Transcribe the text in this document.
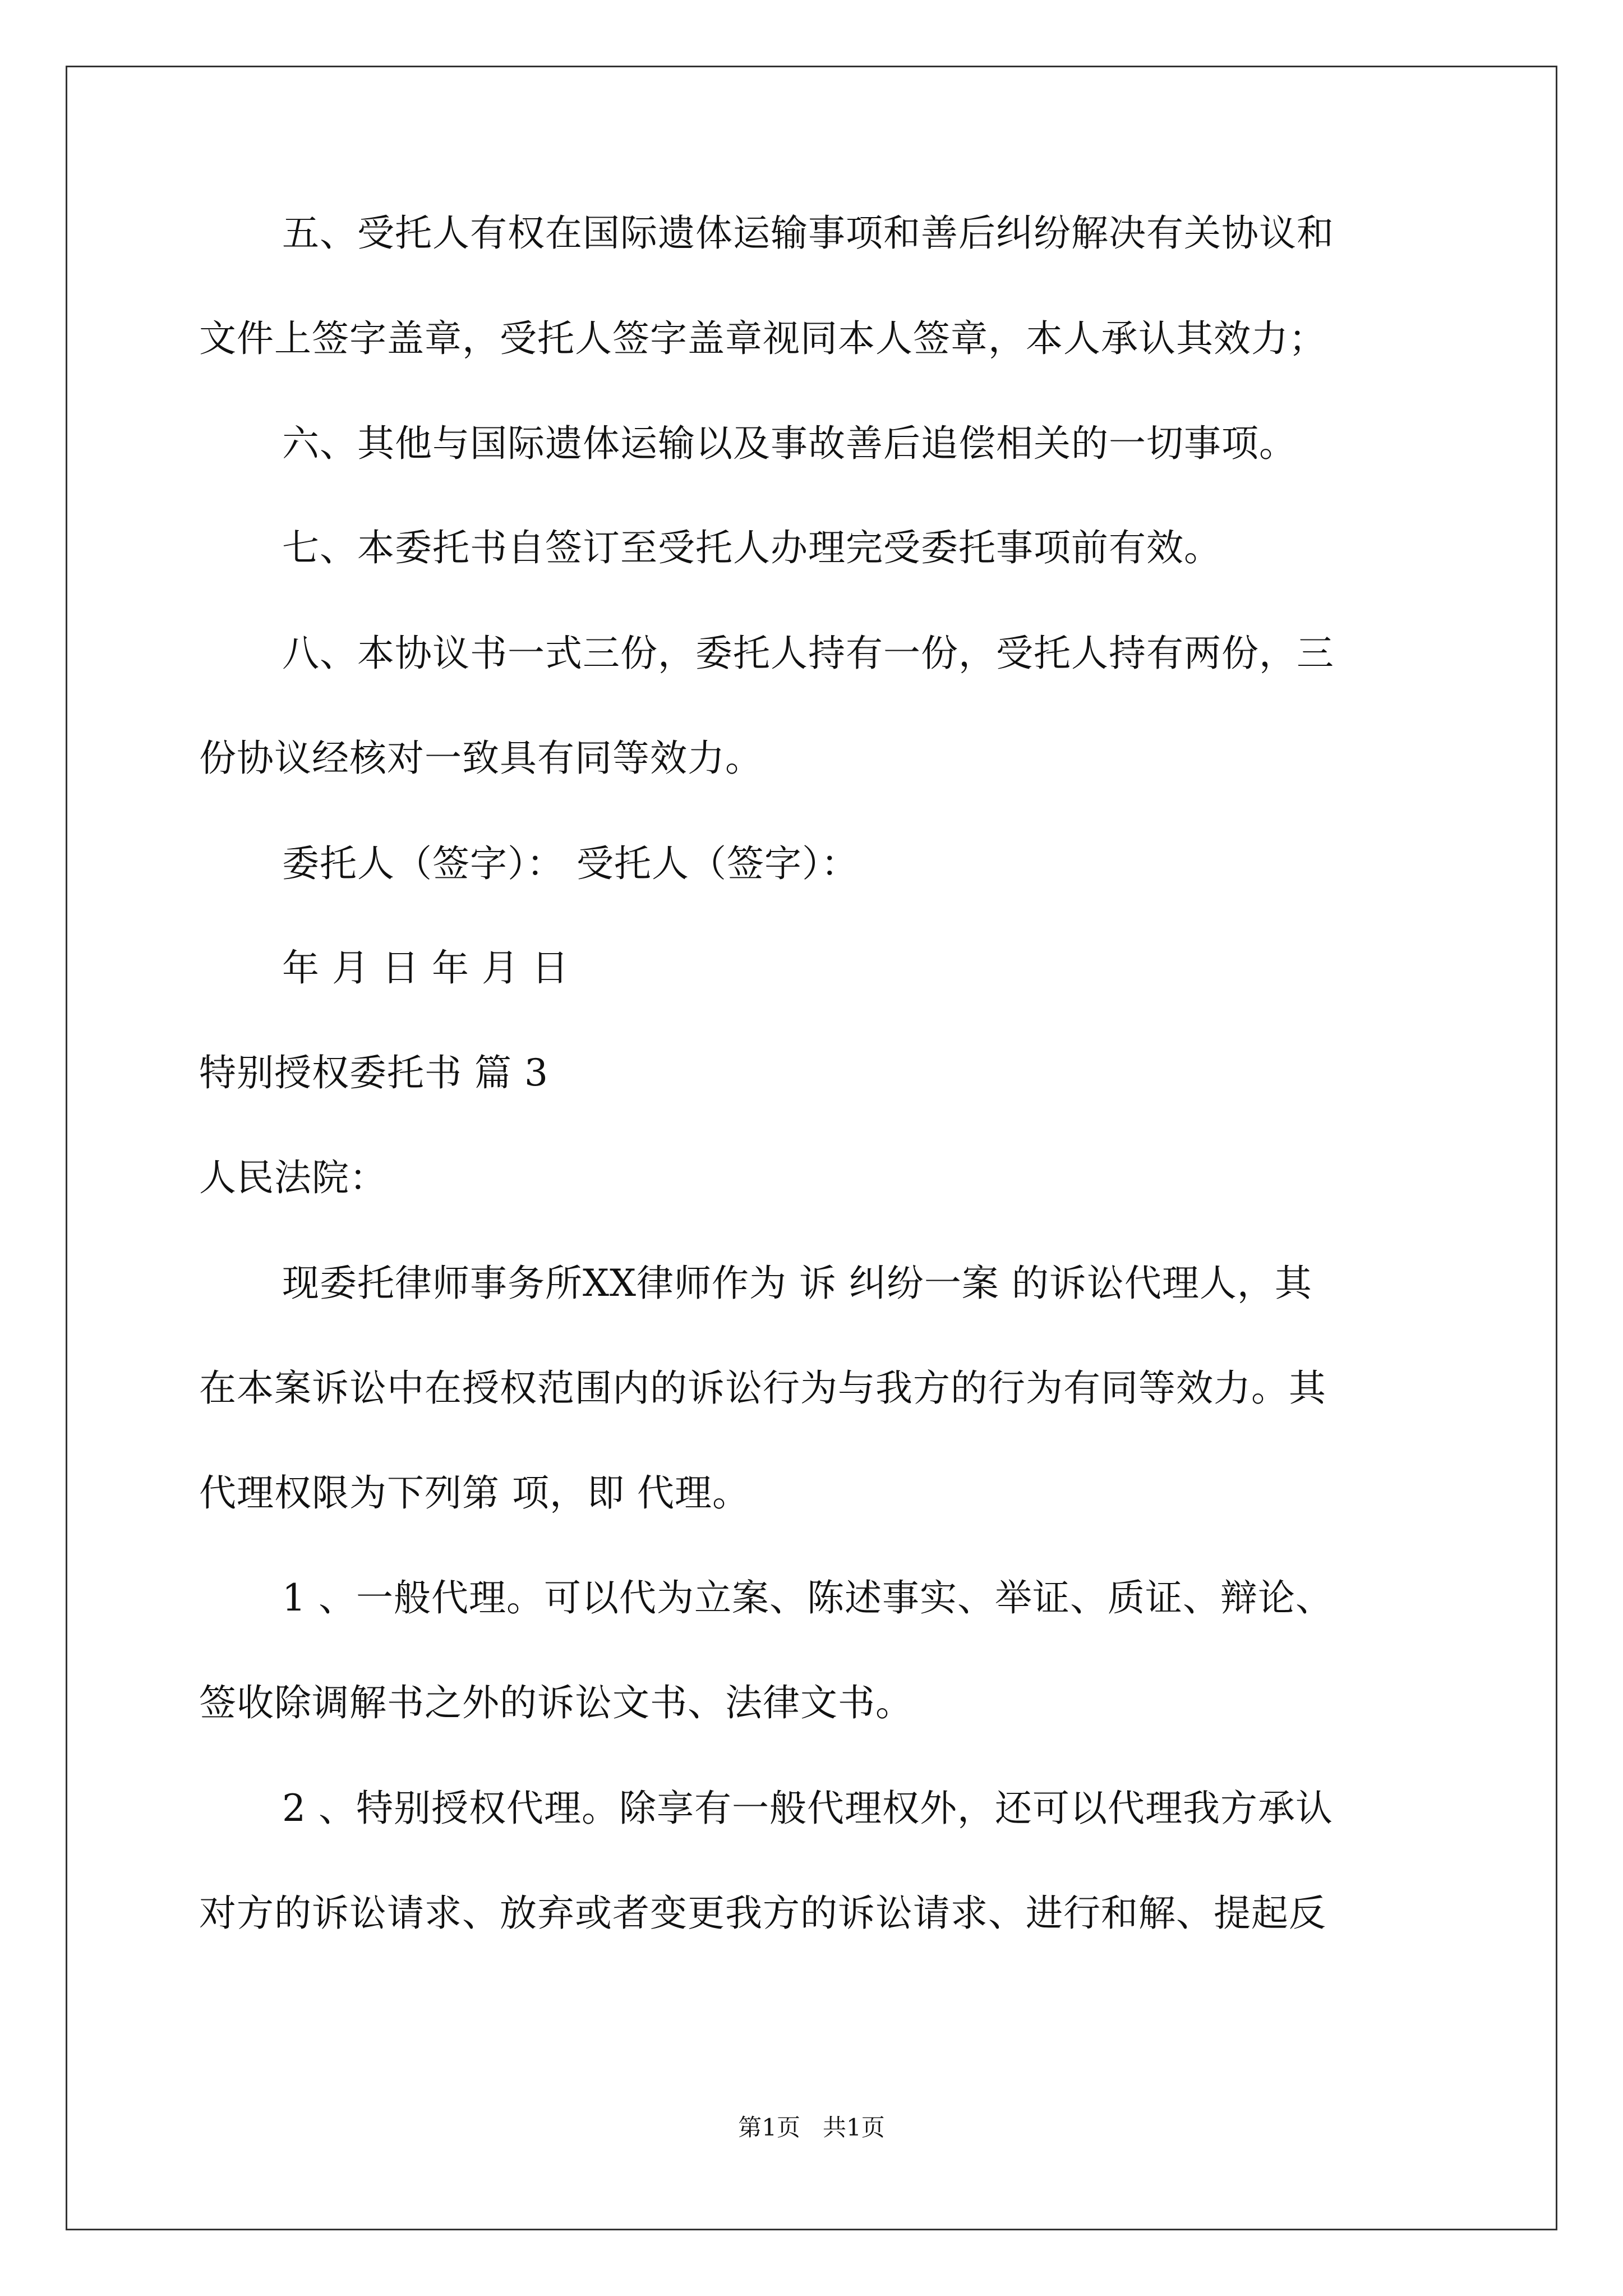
五、受托人有权在国际遗体运输事项和善后纠纷解决有关协议和
文件上签字盖章，受托人签字盖章视同本人签章，本人承认其效力；
六、其他与国际遗体运输以及事故善后追偿相关的一切事项。
七、本委托书自签订至受托人办理完受委托事项前有效。
八、本协议书一式三份，委托人持有一份，受托人持有两份，三
份协议经核对一致具有同等效力。
委托人（签字）： 受托人（签字）：
年 月 日 年 月 日
特别授权委托书 篇 3
人民法院：
现委托律师事务所XX律师作为 诉 纠纷一案 的诉讼代理人，其
在本案诉讼中在授权范围内的诉讼行为与我方的行为有同等效力。其
代理权限为下列第 项，即 代理。
1 、一般代理。可以代为立案、陈述事实、举证、质证、辩论、
签收除调解书之外的诉讼文书、法律文书。
2 、特别授权代理。除享有一般代理权外，还可以代理我方承认
对方的诉讼请求、放弃或者变更我方的诉讼请求、进行和解、提起反
第1页   共1页
